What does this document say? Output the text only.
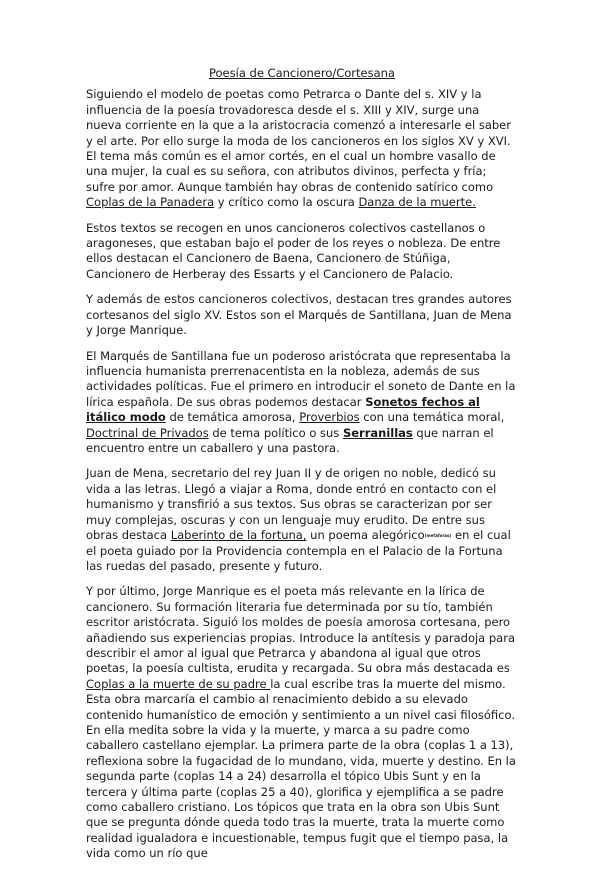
Poesía de Cancionero/Cortesana

Siguiendo el modelo de poetas como Petrarca o Dante del s. XIV y la influencia de la poesía trovadoresca desde el s. XIII y XIV, surge una nueva corriente en la que a la aristocracia comenzó a interesarle el saber y el arte. Por ello surge la moda de los cancioneros en los siglos XV y XVI. El tema más común es el amor cortés, en el cual un hombre vasallo de una mujer, la cual es su señora, con atributos divinos, perfecta y fría; sufre por amor. Aunque también hay obras de contenido satírico como Coplas de la Panadera y crítico como la oscura Danza de la muerte.

Estos textos se recogen en unos cancioneros colectivos castellanos o aragoneses, que estaban bajo el poder de los reyes o nobleza. De entre ellos destacan el Cancionero de Baena, Cancionero de Stúñiga, Cancionero de Herberay des Essarts y el Cancionero de Palacio.

Y además de estos cancioneros colectivos, destacan tres grandes autores cortesanos del siglo XV. Estos son el Marqués de Santillana, Juan de Mena y Jorge Manrique.

El Marqués de Santillana fue un poderoso aristócrata que representaba la influencia humanista prerrenacentista en la nobleza, además de sus actividades políticas. Fue el primero en introducir el soneto de Dante en la lírica española. De sus obras podemos destacar Sonetos fechos al itálico modo de temática amorosa, Proverbios con una temática moral, Doctrinal de Privados de tema político o sus Serranillas que narran el encuentro entre un caballero y una pastora.

Juan de Mena, secretario del rey Juan II y de origen no noble, dedicó su vida a las letras. Llegó a viajar a Roma, donde entró en contacto con el humanismo y transfirió a sus textos. Sus obras se caracterizan por ser muy complejas, oscuras y con un lenguaje muy erudito. De entre sus obras destaca Laberinto de la fortuna, un poema alegórico(metáforas) en el cual el poeta guiado por la Providencia contempla en el Palacio de la Fortuna las ruedas del pasado, presente y futuro.

Y por último, Jorge Manrique es el poeta más relevante en la lírica de cancionero. Su formación literaria fue determinada por su tío, también escritor aristócrata. Siguió los moldes de poesía amorosa cortesana, pero añadiendo sus experiencias propias. Introduce la antítesis y paradoja para describir el amor al igual que Petrarca y abandona al igual que otros poetas, la poesía cultista, erudita y recargada. Su obra más destacada es Coplas a la muerte de su padre la cual escribe tras la muerte del mismo. Esta obra marcaría el cambio al renacimiento debido a su elevado contenido humanístico de emoción y sentimiento a un nivel casi filosófico. En ella medita sobre la vida y la muerte, y marca a su padre como caballero castellano ejemplar. La primera parte de la obra (coplas 1 a 13), reflexiona sobre la fugacidad de lo mundano, vida, muerte y destino. En la segunda parte (coplas 14 a 24) desarrolla el tópico Ubis Sunt y en la tercera y última parte (coplas 25 a 40), glorifica y ejemplifica a se padre como caballero cristiano. Los tópicos que trata en la obra son Ubis Sunt que se pregunta dónde queda todo tras la muerte, trata la muerte como realidad igualadora e incuestionable, tempus fugit que el tiempo pasa, la vida como un río que
